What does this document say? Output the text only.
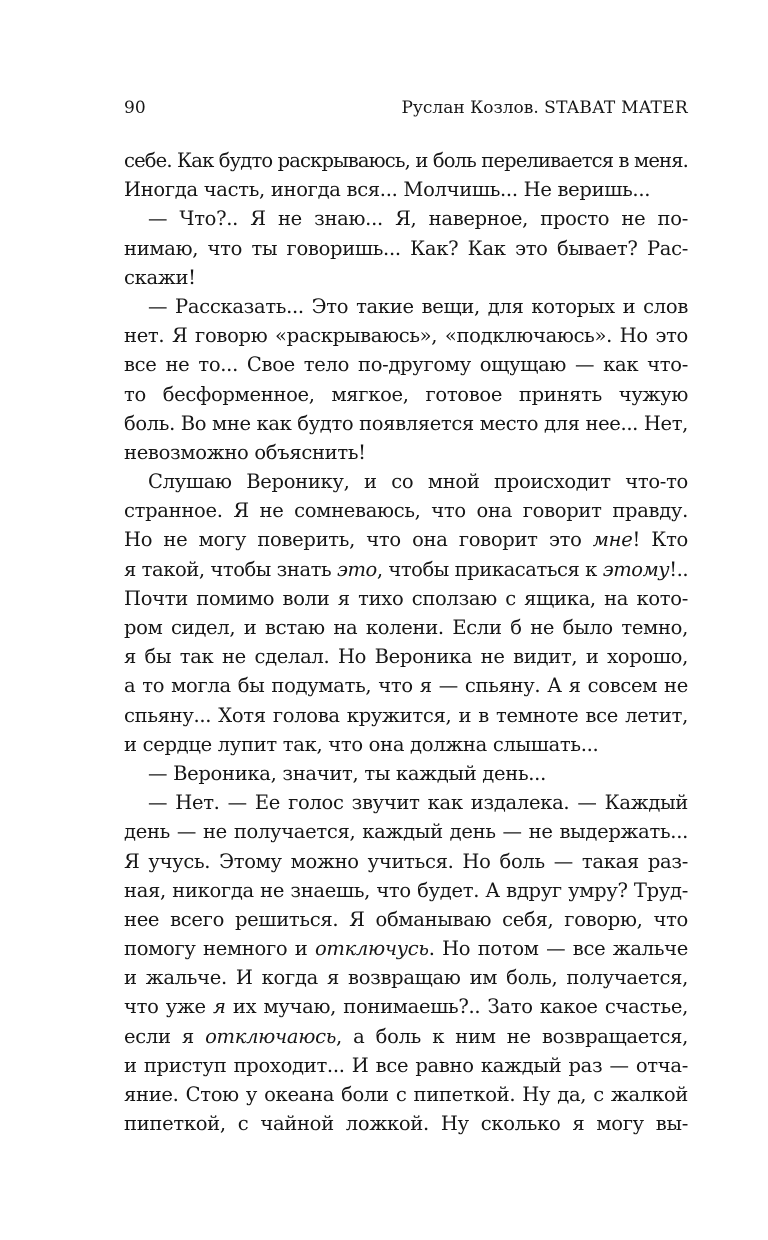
90	Руслан Козлов. STABAT MATER
себе. Как будто раскрываюсь, и боль переливается в меня.
Иногда часть, иногда вся... Молчишь... Не веришь...
— Что?.. Я не знаю... Я, наверное, просто не по-
нимаю, что ты говоришь... Как? Как это бывает? Рас-
скажи!
— Рассказать... Это такие вещи, для которых и слов
нет. Я говорю «раскрываюсь», «подключаюсь». Но это
все не то... Свое тело по-другому ощущаю — как что-
то бесформенное, мягкое, готовое принять чужую
боль. Во мне как будто появляется место для нее... Нет,
невозможно объяснить!
Слушаю Веронику, и со мной происходит что-то
странное. Я не сомневаюсь, что она говорит правду.
Но не могу поверить, что она говорит это мне! Кто
я такой, чтобы знать это, чтобы прикасаться к этому!..
Почти помимо воли я тихо сползаю с ящика, на кото-
ром сидел, и встаю на колени. Если б не было темно,
я бы так не сделал. Но Вероника не видит, и хорошо,
а то могла бы подумать, что я — спьяну. А я совсем не
спьяну... Хотя голова кружится, и в темноте все летит,
и сердце лупит так, что она должна слышать...
— Вероника, значит, ты каждый день...
— Нет. — Ее голос звучит как издалека. — Каждый
день — не получается, каждый день — не выдержать...
Я учусь. Этому можно учиться. Но боль — такая раз-
ная, никогда не знаешь, что будет. А вдруг умру? Труд-
нее всего решиться. Я обманываю себя, говорю, что
помогу немного и отключусь. Но потом — все жальче
и жальче. И когда я возвращаю им боль, получается,
что уже я их мучаю, понимаешь?.. Зато какое счастье,
если я отключаюсь, а боль к ним не возвращается,
и приступ проходит... И все равно каждый раз — отча-
яние. Стою у океана боли с пипеткой. Ну да, с жалкой
пипеткой, с чайной ложкой. Ну сколько я могу вы-
